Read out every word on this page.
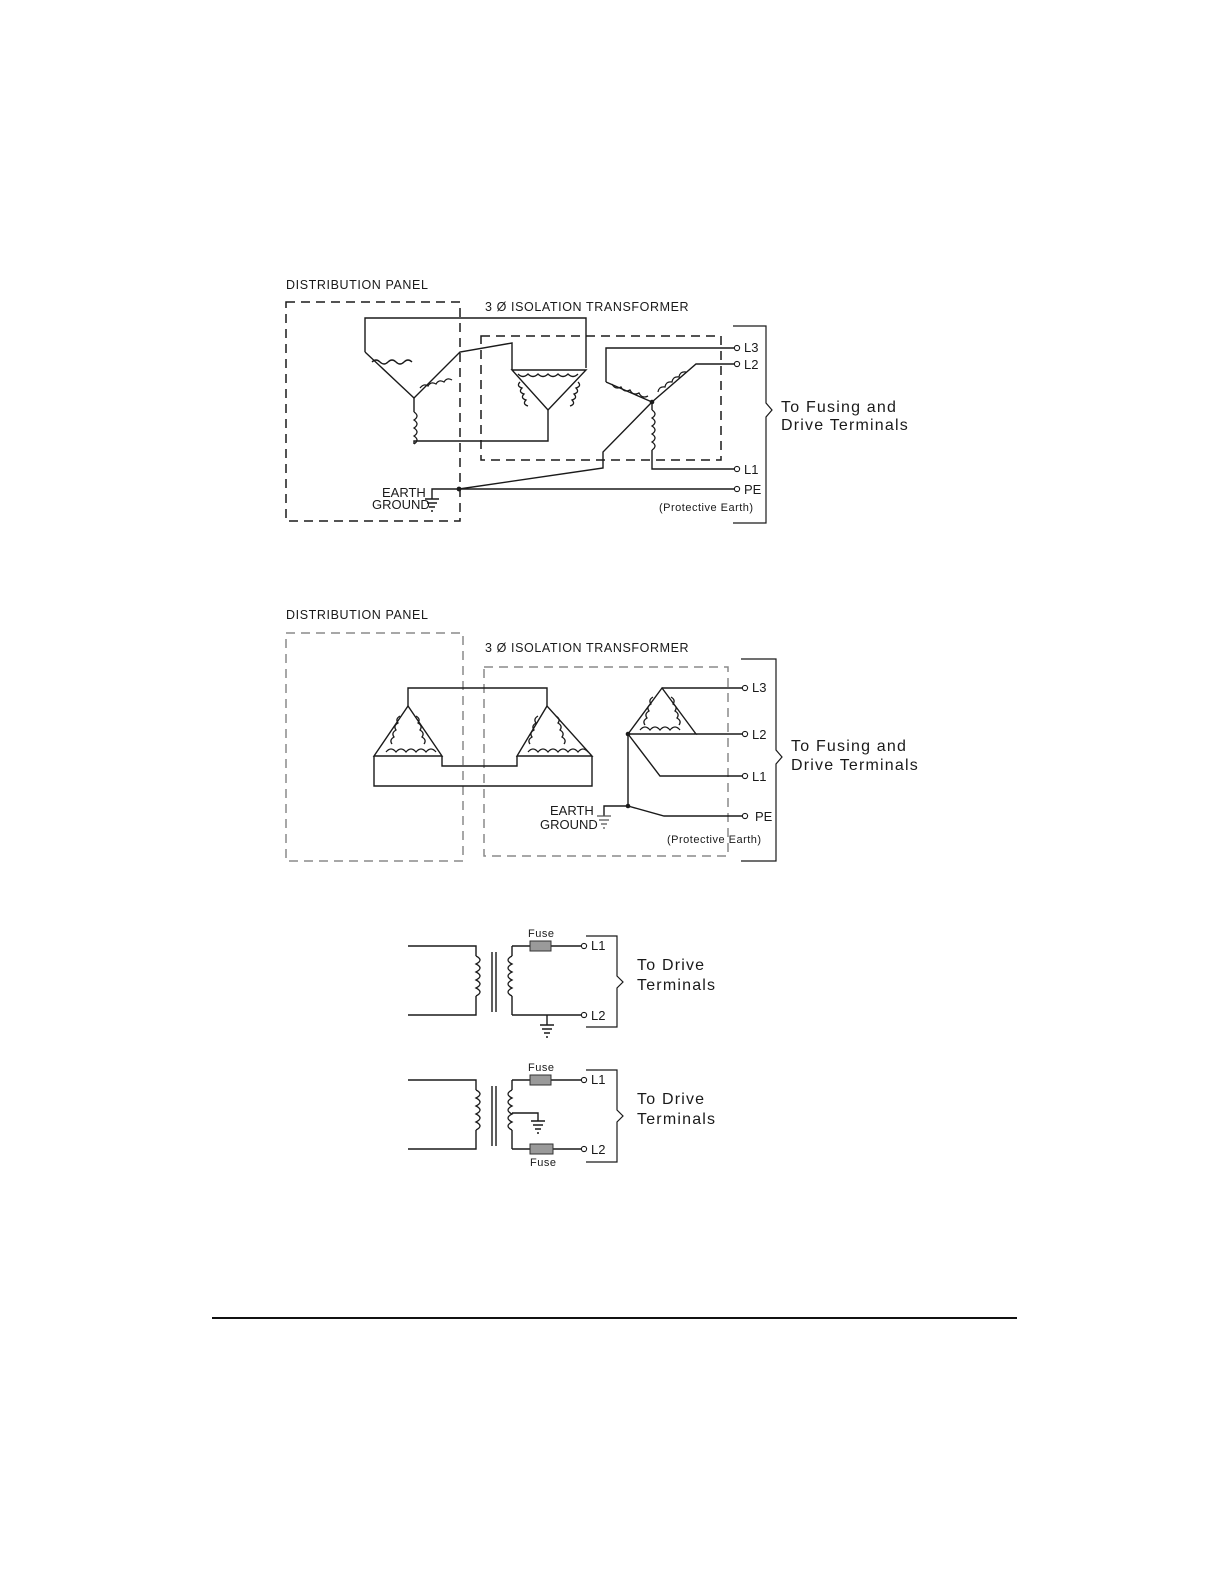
DISTRIBUTION PANEL
3 Ø ISOLATION TRANSFORMER
EARTH
GROUND
L3
L2
L1
PE
(Protective Earth)
To Fusing and
Drive Terminals
DISTRIBUTION PANEL
3 Ø ISOLATION TRANSFORMER
EARTH
GROUND
L3
L2
L1
PE
(Protective Earth)
To Fusing and
Drive Terminals
Fuse
L1
L2
To Drive
Terminals
Fuse
Fuse
L1
L2
To Drive
Terminals
